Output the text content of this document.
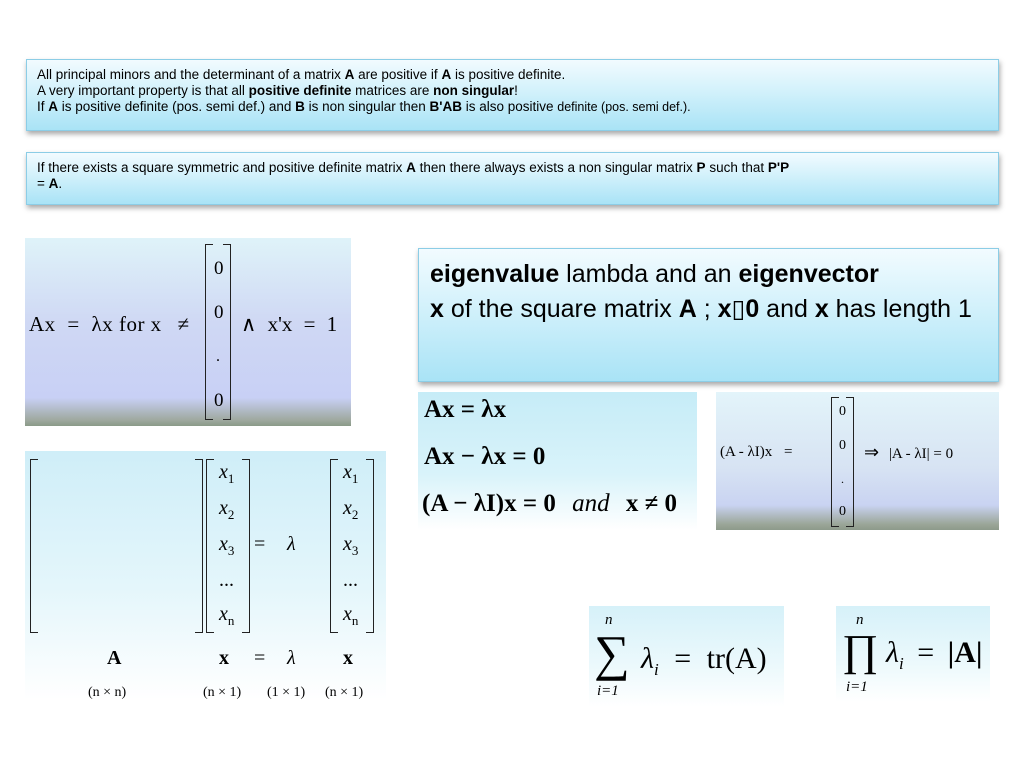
All principal minors and the determinant of a matrix A are positive if A is positive definite.
A very important property is that all positive definite matrices are non singular!
If A is positive definite (pos. semi def.) and B is non singular then B'AB is also positive definite (pos. semi def.).
If there exists a square symmetric and positive definite matrix A then there always exists a non singular matrix P such that P'P
= A.
eigenvalue lambda and an eigenvector
x of the square matrix A ; x▯0 and x has length 1
Ax = λx for x ≠
0
0
.
0
∧ x'x = 1
Ax = λx
Ax − λx = 0
(A − λI)x = 0 and x ≠ 0
(A - λI)x =
0
0
.
0
⇒ |A - λI| = 0
$x_1$
$x_2$
$x_3$
...
$x_n$
= λ
$x_1$
$x_2$
$x_3$
...
$x_n$
A	x = λ x
(n × n)	(n × 1) (1 × 1) (n × 1)
n
∑
i=1
$\lambda_i = tr(A)$
n
∏
i=1
$\lambda_i = |A|$
